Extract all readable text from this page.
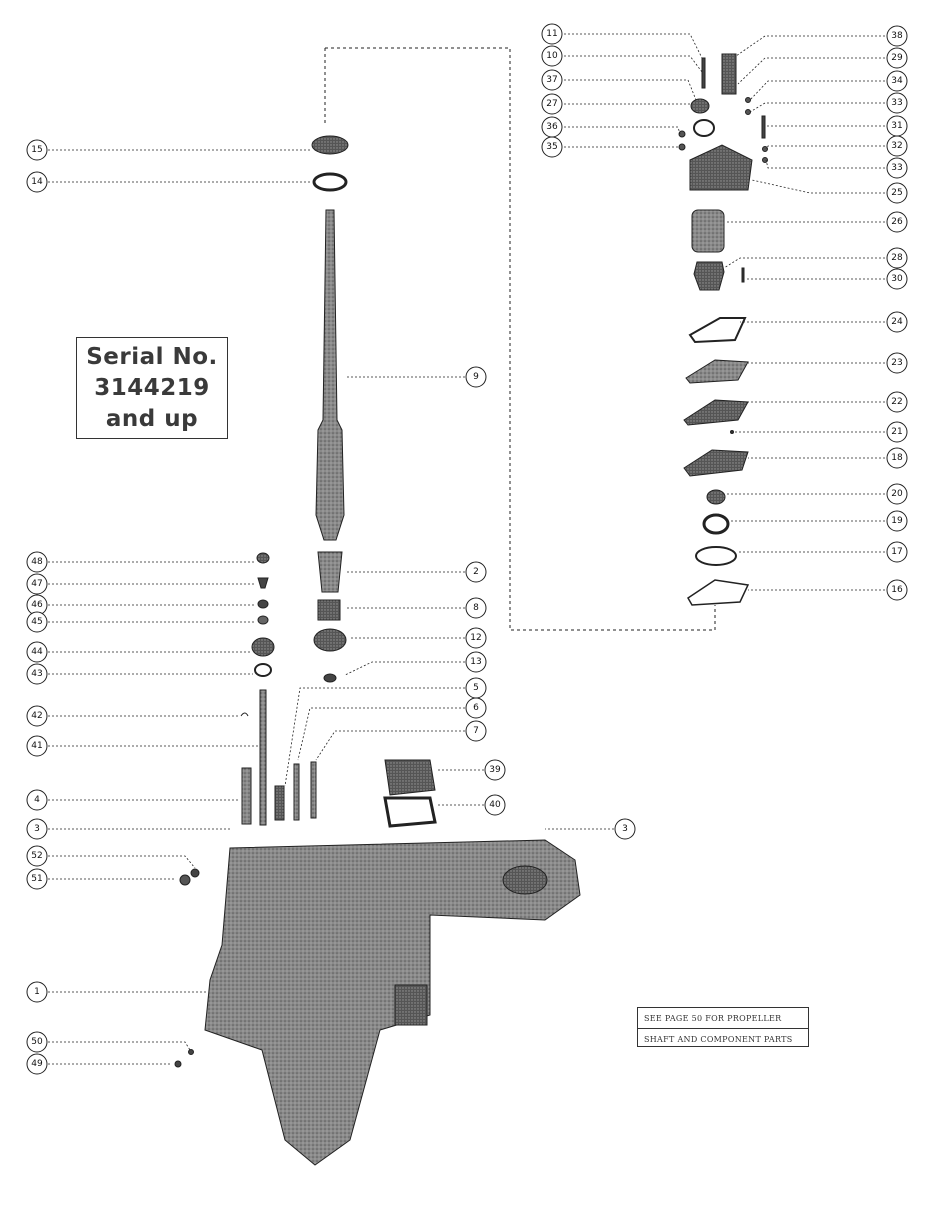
15
14
9
2
8
12
13
5
6
7
39
40
3
48
47
46
45
44
43
42
41
4
3
52
51
1
50
49
11
10
37
27
36
35
38
29
34
33
31
32
33
25
26
28
30
24
23
22
21
18
20
19
17
16
Serial No.
3144219
and up
SEE PAGE 50 FOR PROPELLER
SHAFT AND COMPONENT PARTS
